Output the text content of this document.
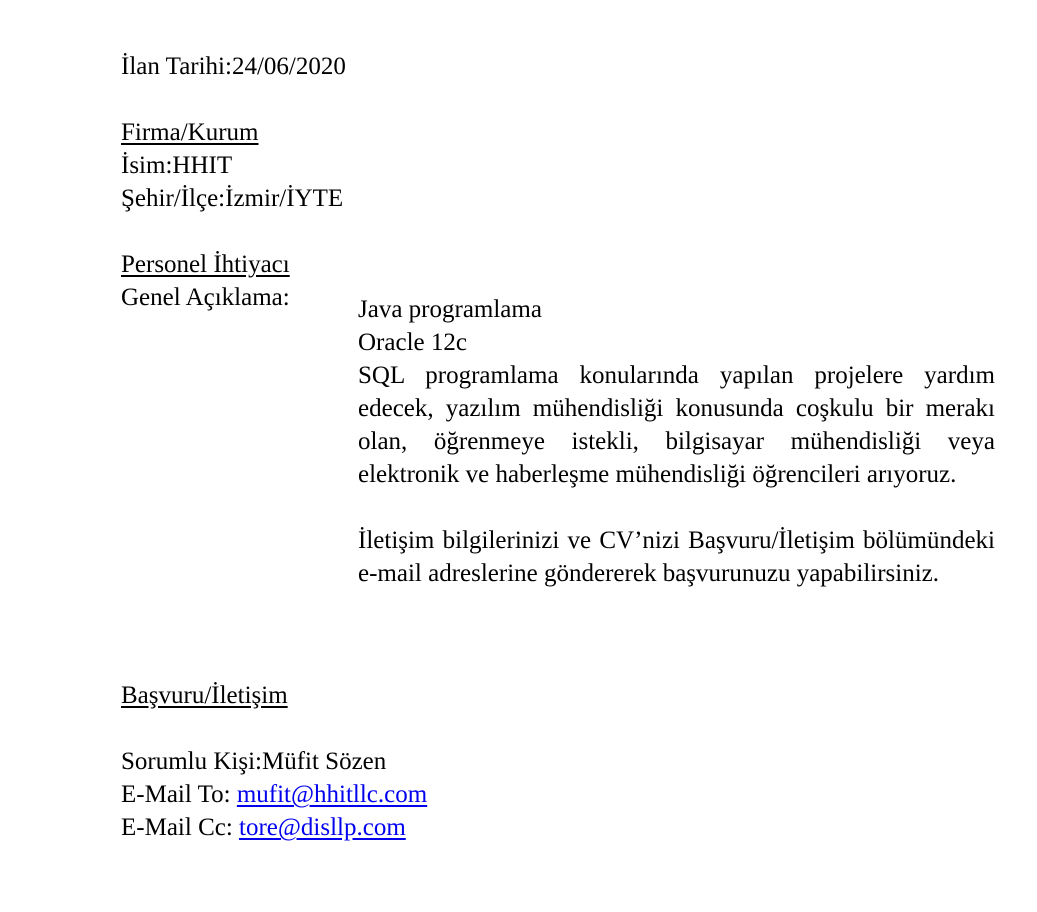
İlan Tarihi:24/06/2020
Firma/Kurum
İsim:HHIT
Şehir/İlçe:İzmir/İYTE
Personel İhtiyacı
Genel Açıklama:	Java programlama

Oracle 12c

SQL programlama konularında yapılan projelere yardım edecek, yazılım mühendisliği konusunda coşkulu bir merakı olan, öğrenmeye istekli, bilgisayar mühendisliği veya elektronik ve haberleşme mühendisliği öğrencileri arıyoruz.

İletişim bilgilerinizi ve CV’nizi Başvuru/İletişim bölümündeki e-mail adreslerine göndererek başvurunuzu yapabilirsiniz.

Başvuru/İletişim
Sorumlu Kişi:Müfit Sözen
E-Mail To: mufit@hhitllc.com
E-Mail Cc: tore@disllp.com
